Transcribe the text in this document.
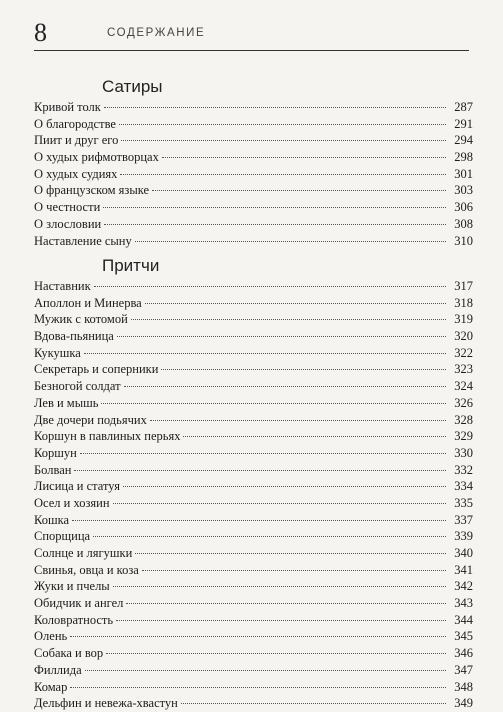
8	СОДЕРЖАНИЕ
Сатиры
Кривой толк	287
О благородстве	291
Пиит и друг его	294
О худых рифмотворцах	298
О худых судиях	301
О французском языке	303
О честности	306
О злословии	308
Наставление сыну	310
Притчи
Наставник	317
Аполлон и Минерва	318
Мужик с котомой	319
Вдова-пьяница	320
Кукушка	322
Секретарь и соперники	323
Безногой солдат	324
Лев и мышь	326
Две дочери подьячих	328
Коршун в павлиных перьях	329
Коршун	330
Болван	332
Лисица и статуя	334
Осел и хозяин	335
Кошка	337
Спорщица	339
Солнце и лягушки	340
Свинья, овца и коза	341
Жуки и пчелы	342
Обидчик и ангел	343
Коловратность	344
Олень	345
Собака и вор	346
Филлида	347
Комар	348
Дельфин и невежа-хвастун	349
